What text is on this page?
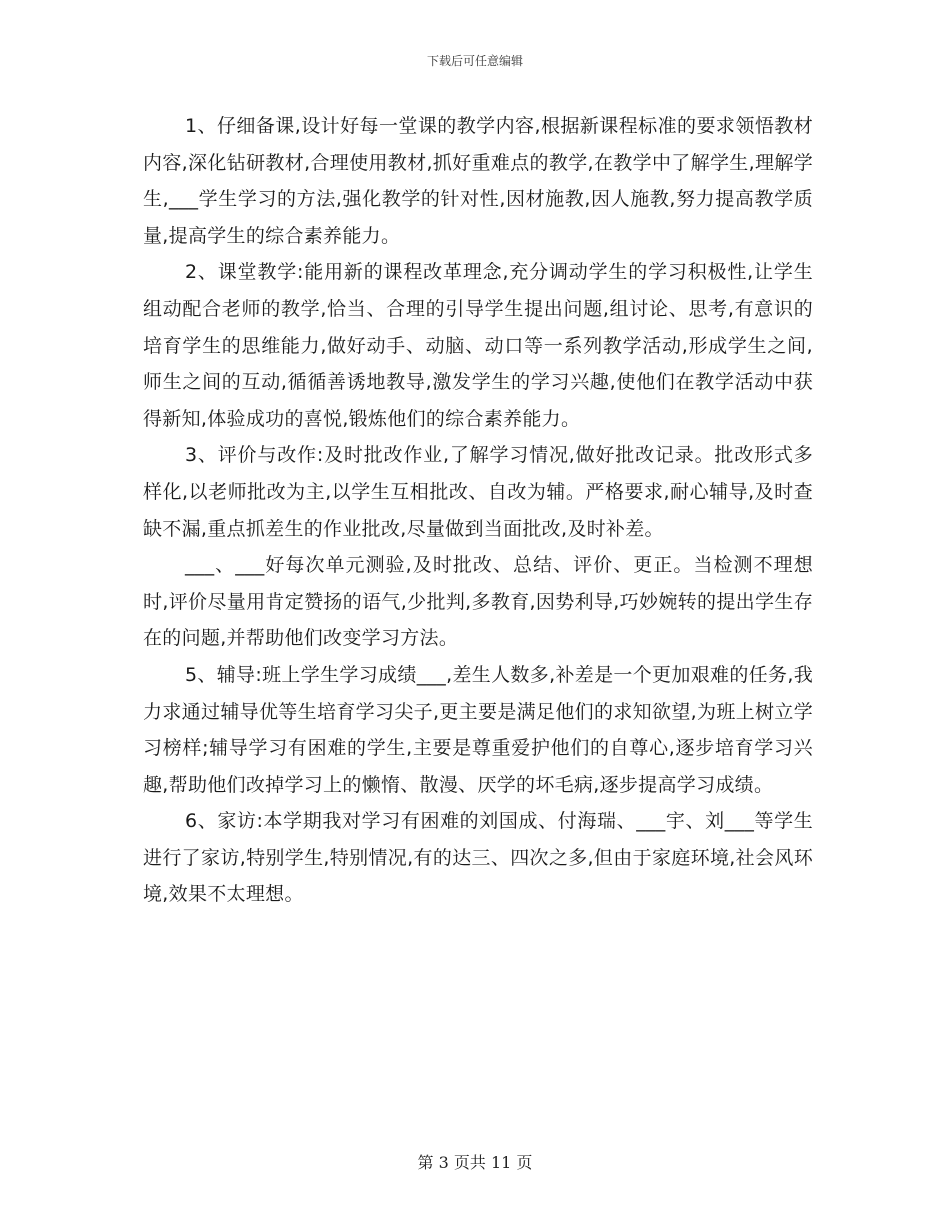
下载后可任意编辑

1、仔细备课,设计好每一堂课的教学内容,根据新课程标准的要求领悟教材内容,深化钻研教材,合理使用教材,抓好重难点的教学,在教学中了解学生,理解学生,___学生学习的方法,强化教学的针对性,因材施教,因人施教,努力提高教学质量,提高学生的综合素养能力。

2、课堂教学:能用新的课程改革理念,充分调动学生的学习积极性,让学生组动配合老师的教学,恰当、合理的引导学生提出问题,组讨论、思考,有意识的培育学生的思维能力,做好动手、动脑、动口等一系列教学活动,形成学生之间,师生之间的互动,循循善诱地教导,激发学生的学习兴趣,使他们在教学活动中获得新知,体验成功的喜悦,锻炼他们的综合素养能力。

3、评价与改作:及时批改作业,了解学习情况,做好批改记录。批改形式多样化,以老师批改为主,以学生互相批改、自改为辅。严格要求,耐心辅导,及时查缺不漏,重点抓差生的作业批改,尽量做到当面批改,及时补差。

___、___好每次单元测验,及时批改、总结、评价、更正。当检测不理想时,评价尽量用肯定赞扬的语气,少批判,多教育,因势利导,巧妙婉转的提出学生存在的问题,并帮助他们改变学习方法。

5、辅导:班上学生学习成绩___,差生人数多,补差是一个更加艰难的任务,我力求通过辅导优等生培育学习尖子,更主要是满足他们的求知欲望,为班上树立学习榜样;辅导学习有困难的学生,主要是尊重爱护他们的自尊心,逐步培育学习兴趣,帮助他们改掉学习上的懒惰、散漫、厌学的坏毛病,逐步提高学习成绩。

6、家访:本学期我对学习有困难的刘国成、付海瑞、___宇、刘___等学生进行了家访,特别学生,特别情况,有的达三、四次之多,但由于家庭环境,社会风环境,效果不太理想。

第 3 页共 11 页
